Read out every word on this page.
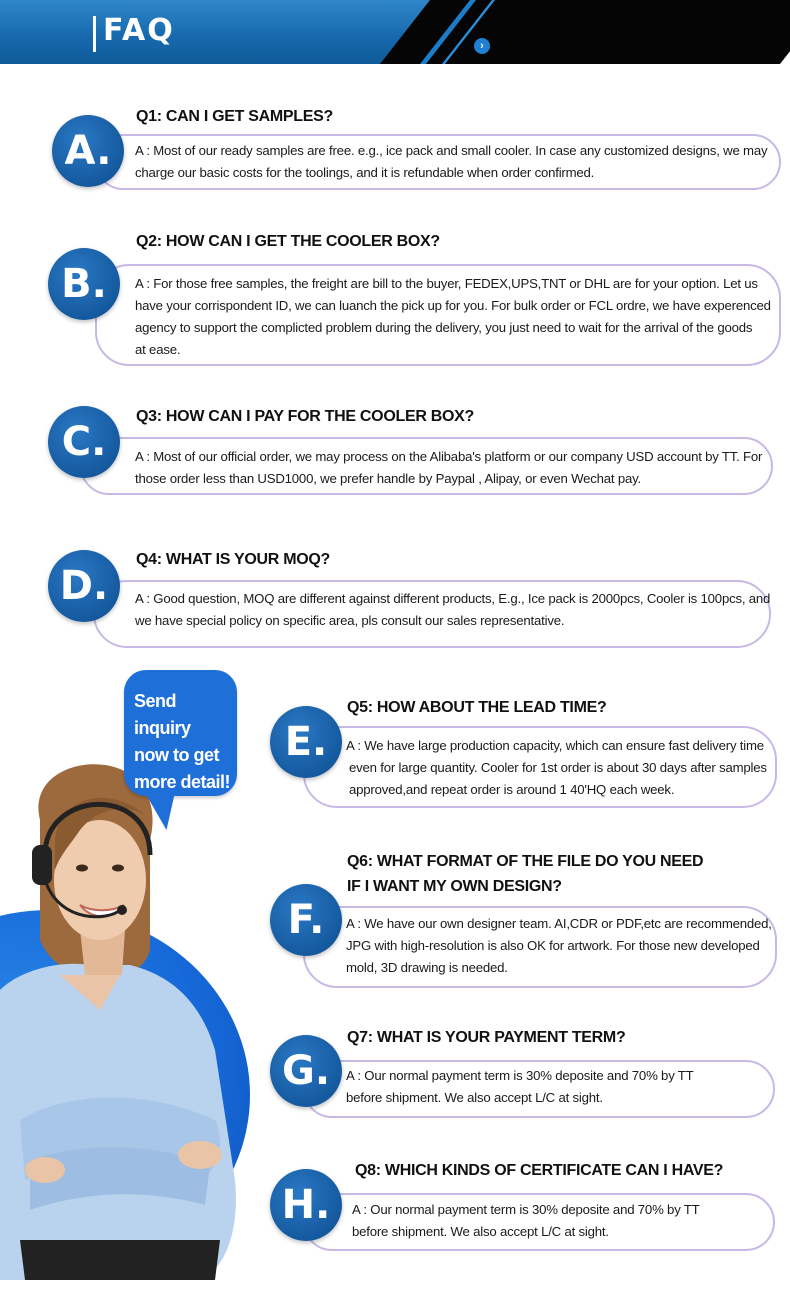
FAQ	›
Send inquiry
now to get
more detail!
Q1: CAN I GET SAMPLES?
A : Most of our ready samples are free. e.g., ice pack and small cooler. In case any customized designs, we may
charge our basic costs for the toolings, and it is refundable when order confirmed.
A.
Q2: HOW CAN I GET THE COOLER BOX?
A : For those free samples, the freight are bill to the buyer, FEDEX,UPS,TNT or DHL are for your option. Let us
have your corrispondent ID, we can luanch the pick up for you. For bulk order or FCL ordre, we have experenced
agency to support the complicted problem during the delivery, you just need to wait for the arrival of the goods
at ease.
B.
Q3: HOW CAN I PAY FOR THE COOLER BOX?
A : Most of our official order, we may process on the Alibaba's platform or our company USD account by TT. For
those order less than USD1000, we prefer handle by Paypal , Alipay, or even Wechat pay.
C.
Q4: WHAT IS YOUR MOQ?
A : Good question, MOQ are different against different products, E.g., Ice pack is 2000pcs, Cooler is 100pcs, and
we have special policy on specific area, pls consult our sales representative.
D.
Q5: HOW ABOUT THE LEAD TIME?
A : We have large production capacity, which can ensure fast delivery time
even for large quantity. Cooler for 1st order is about 30 days after samples
approved,and repeat order is around 1 40'HQ each week.
E.
Q6: WHAT FORMAT OF THE FILE DO YOU NEED
IF I WANT MY OWN DESIGN?
A : We have our own designer team. AI,CDR or PDF,etc are recommended,
JPG with high-resolution is also OK for artwork. For those new developed
mold, 3D drawing is needed.
F.
Q7: WHAT IS YOUR PAYMENT TERM?
A : Our normal payment term is 30% deposite and 70% by TT
before shipment. We also accept L/C at sight.
G.
Q8: WHICH KINDS OF CERTIFICATE CAN I HAVE?
A : Our normal payment term is 30% deposite and 70% by TT
before shipment. We also accept L/C at sight.
H.
